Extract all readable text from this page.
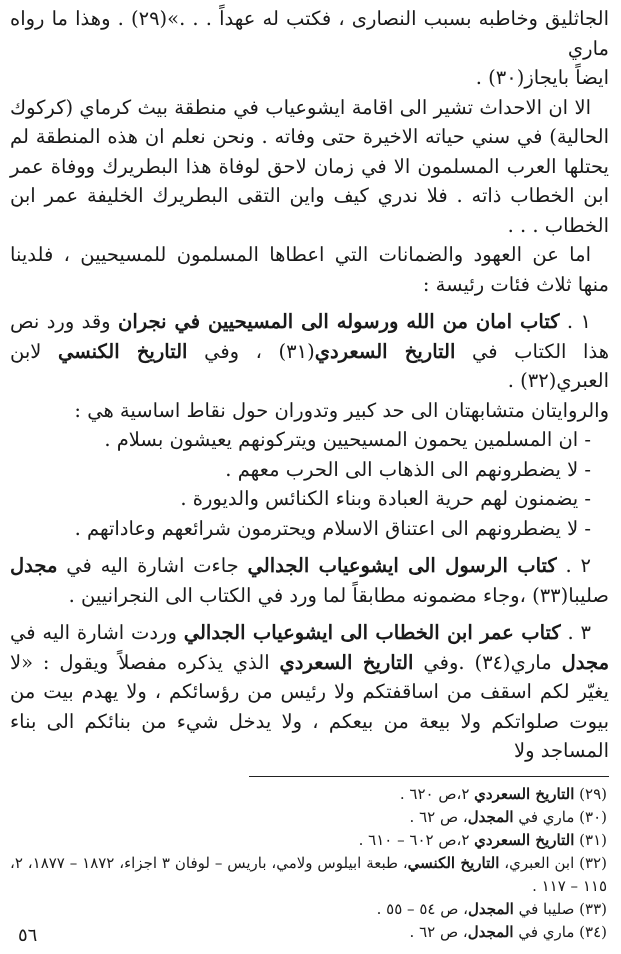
الجاثليق وخاطبه بسبب النصارى ، فكتب له عهداً . . .»(٢٩) . وهذا ما رواه ماري
ايضاً بايجاز(٣٠) .

الا ان الاحداث تشير الى اقامة ايشوعياب في منطقة بيث كرماي (كركوك الحالية) في سني حياته الاخيرة حتى وفاته . ونحن نعلم ان هذه المنطقة لم يحتلها العرب المسلمون الا في زمان لاحق لوفاة هذا البطريرك ووفاة عمر ابن الخطاب ذاته . فلا ندري كيف واين التقى البطريرك الخليفة عمر ابن الخطاب . . .

اما عن العهود والضمانات التي اعطاها المسلمون للمسيحيين ، فلدينا منها ثلاث فئات رئيسة :

١ . كتاب امان من الله ورسوله الى المسيحيين في نجران وقد ورد نص هذا الكتاب في التاريخ السعردي(٣١) ، وفي التاريخ الكنسي لابن العبري(٣٢) .

والروايتان متشابهتان الى حد كبير وتدوران حول نقاط اساسية هي :

- ان المسلمين يحمون المسيحيين ويتركونهم يعيشون بسلام .
- لا يضطرونهم الى الذهاب الى الحرب معهم .
- يضمنون لهم حرية العبادة وبناء الكنائس والديورة .
- لا يضطرونهم الى اعتناق الاسلام ويحترمون شرائعهم وعاداتهم .

٢ . كتاب الرسول الى ايشوعياب الجدالي جاءت اشارة اليه في مجدل صليبا(٣٣) ،وجاء مضمونه مطابقاً لما ورد في الكتاب الى النجرانيين .

٣ . كتاب عمر ابن الخطاب الى ايشوعياب الجدالي وردت اشارة اليه في مجدل ماري(٣٤) .وفي التاريخ السعردي الذي يذكره مفصلاً ويقول : «لا يغيّر لكم اسقف من اساقفتكم ولا رئيس من رؤسائكم ، ولا يهدم بيت من بيوت صلواتكم ولا بيعة من بيعكم ، ولا يدخل شيء من بنائكم الى بناء المساجد ولا

(٢٩) التاريخ السعردي ٢،ص ٦٢٠ .
(٣٠) ماري في المجدل، ص ٦٢ .
(٣١) التاريخ السعردي ٢،ص ٦٠٢ – ٦١٠ .
(٣٢) ابن العبري، التاريخ الكنسي، طبعة ابيلوس ولامي، باريس – لوفان ٣ اجزاء، ١٨٧٢ – ١٨٧٧، ٢، ١١٥ – ١١٧ .
(٣٣) صليبا في المجدل، ص ٥٤ – ٥٥ .
(٣٤) ماري في المجدل، ص ٦٢ .
٥٦
